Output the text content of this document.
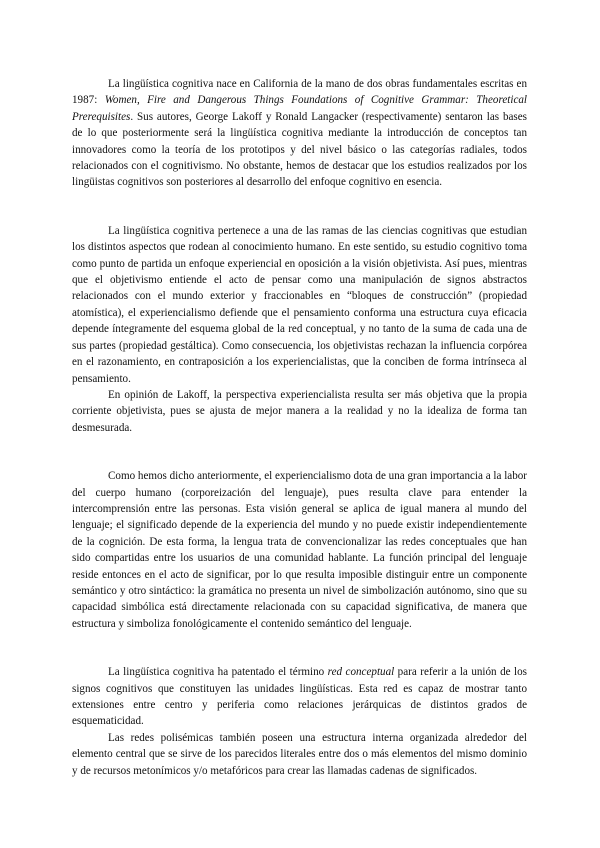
La lingüística cognitiva nace en California de la mano de dos obras fundamentales escritas en 1987: Women, Fire and Dangerous Things Foundations of Cognitive Grammar: Theoretical Prerequisites. Sus autores, George Lakoff y Ronald Langacker (respectivamente) sentaron las bases de lo que posteriormente será la lingüística cognitiva mediante la introducción de conceptos tan innovadores como la teoría de los prototipos y del nivel básico o las categorías radiales, todos relacionados con el cognitivismo. No obstante, hemos de destacar que los estudios realizados por los lingüistas cognitivos son posteriores al desarrollo del enfoque cognitivo en esencia.

La lingüística cognitiva pertenece a una de las ramas de las ciencias cognitivas que estudian los distintos aspectos que rodean al conocimiento humano. En este sentido, su estudio cognitivo toma como punto de partida un enfoque experiencial en oposición a la visión objetivista. Así pues, mientras que el objetivismo entiende el acto de pensar como una manipulación de signos abstractos relacionados con el mundo exterior y fraccionables en “bloques de construcción” (propiedad atomística), el experiencialismo defiende que el pensamiento conforma una estructura cuya eficacia depende íntegramente del esquema global de la red conceptual, y no tanto de la suma de cada una de sus partes (propiedad gestáltica). Como consecuencia, los objetivistas rechazan la influencia corpórea en el razonamiento, en contraposición a los experiencialistas, que la conciben de forma intrínseca al pensamiento.

En opinión de Lakoff, la perspectiva experiencialista resulta ser más objetiva que la propia corriente objetivista, pues se ajusta de mejor manera a la realidad y no la idealiza de forma tan desmesurada.

Como hemos dicho anteriormente, el experiencialismo dota de una gran importancia a la labor del cuerpo humano (corporeización del lenguaje), pues resulta clave para entender la intercomprensión entre las personas. Esta visión general se aplica de igual manera al mundo del lenguaje; el significado depende de la experiencia del mundo y no puede existir independientemente de la cognición. De esta forma, la lengua trata de convencionalizar las redes conceptuales que han sido compartidas entre los usuarios de una comunidad hablante. La función principal del lenguaje reside entonces en el acto de significar, por lo que resulta imposible distinguir entre un componente semántico y otro sintáctico: la gramática no presenta un nivel de simbolización autónomo, sino que su capacidad simbólica está directamente relacionada con su capacidad significativa, de manera que estructura y simboliza fonológicamente el contenido semántico del lenguaje.

La lingüística cognitiva ha patentado el término red conceptual para referir a la unión de los signos cognitivos que constituyen las unidades lingüísticas. Esta red es capaz de mostrar tanto extensiones entre centro y periferia como relaciones jerárquicas de distintos grados de esquematicidad.

Las redes polisémicas también poseen una estructura interna organizada alrededor del elemento central que se sirve de los parecidos literales entre dos o más elementos del mismo dominio y de recursos metonímicos y/o metafóricos para crear las llamadas cadenas de significados.
